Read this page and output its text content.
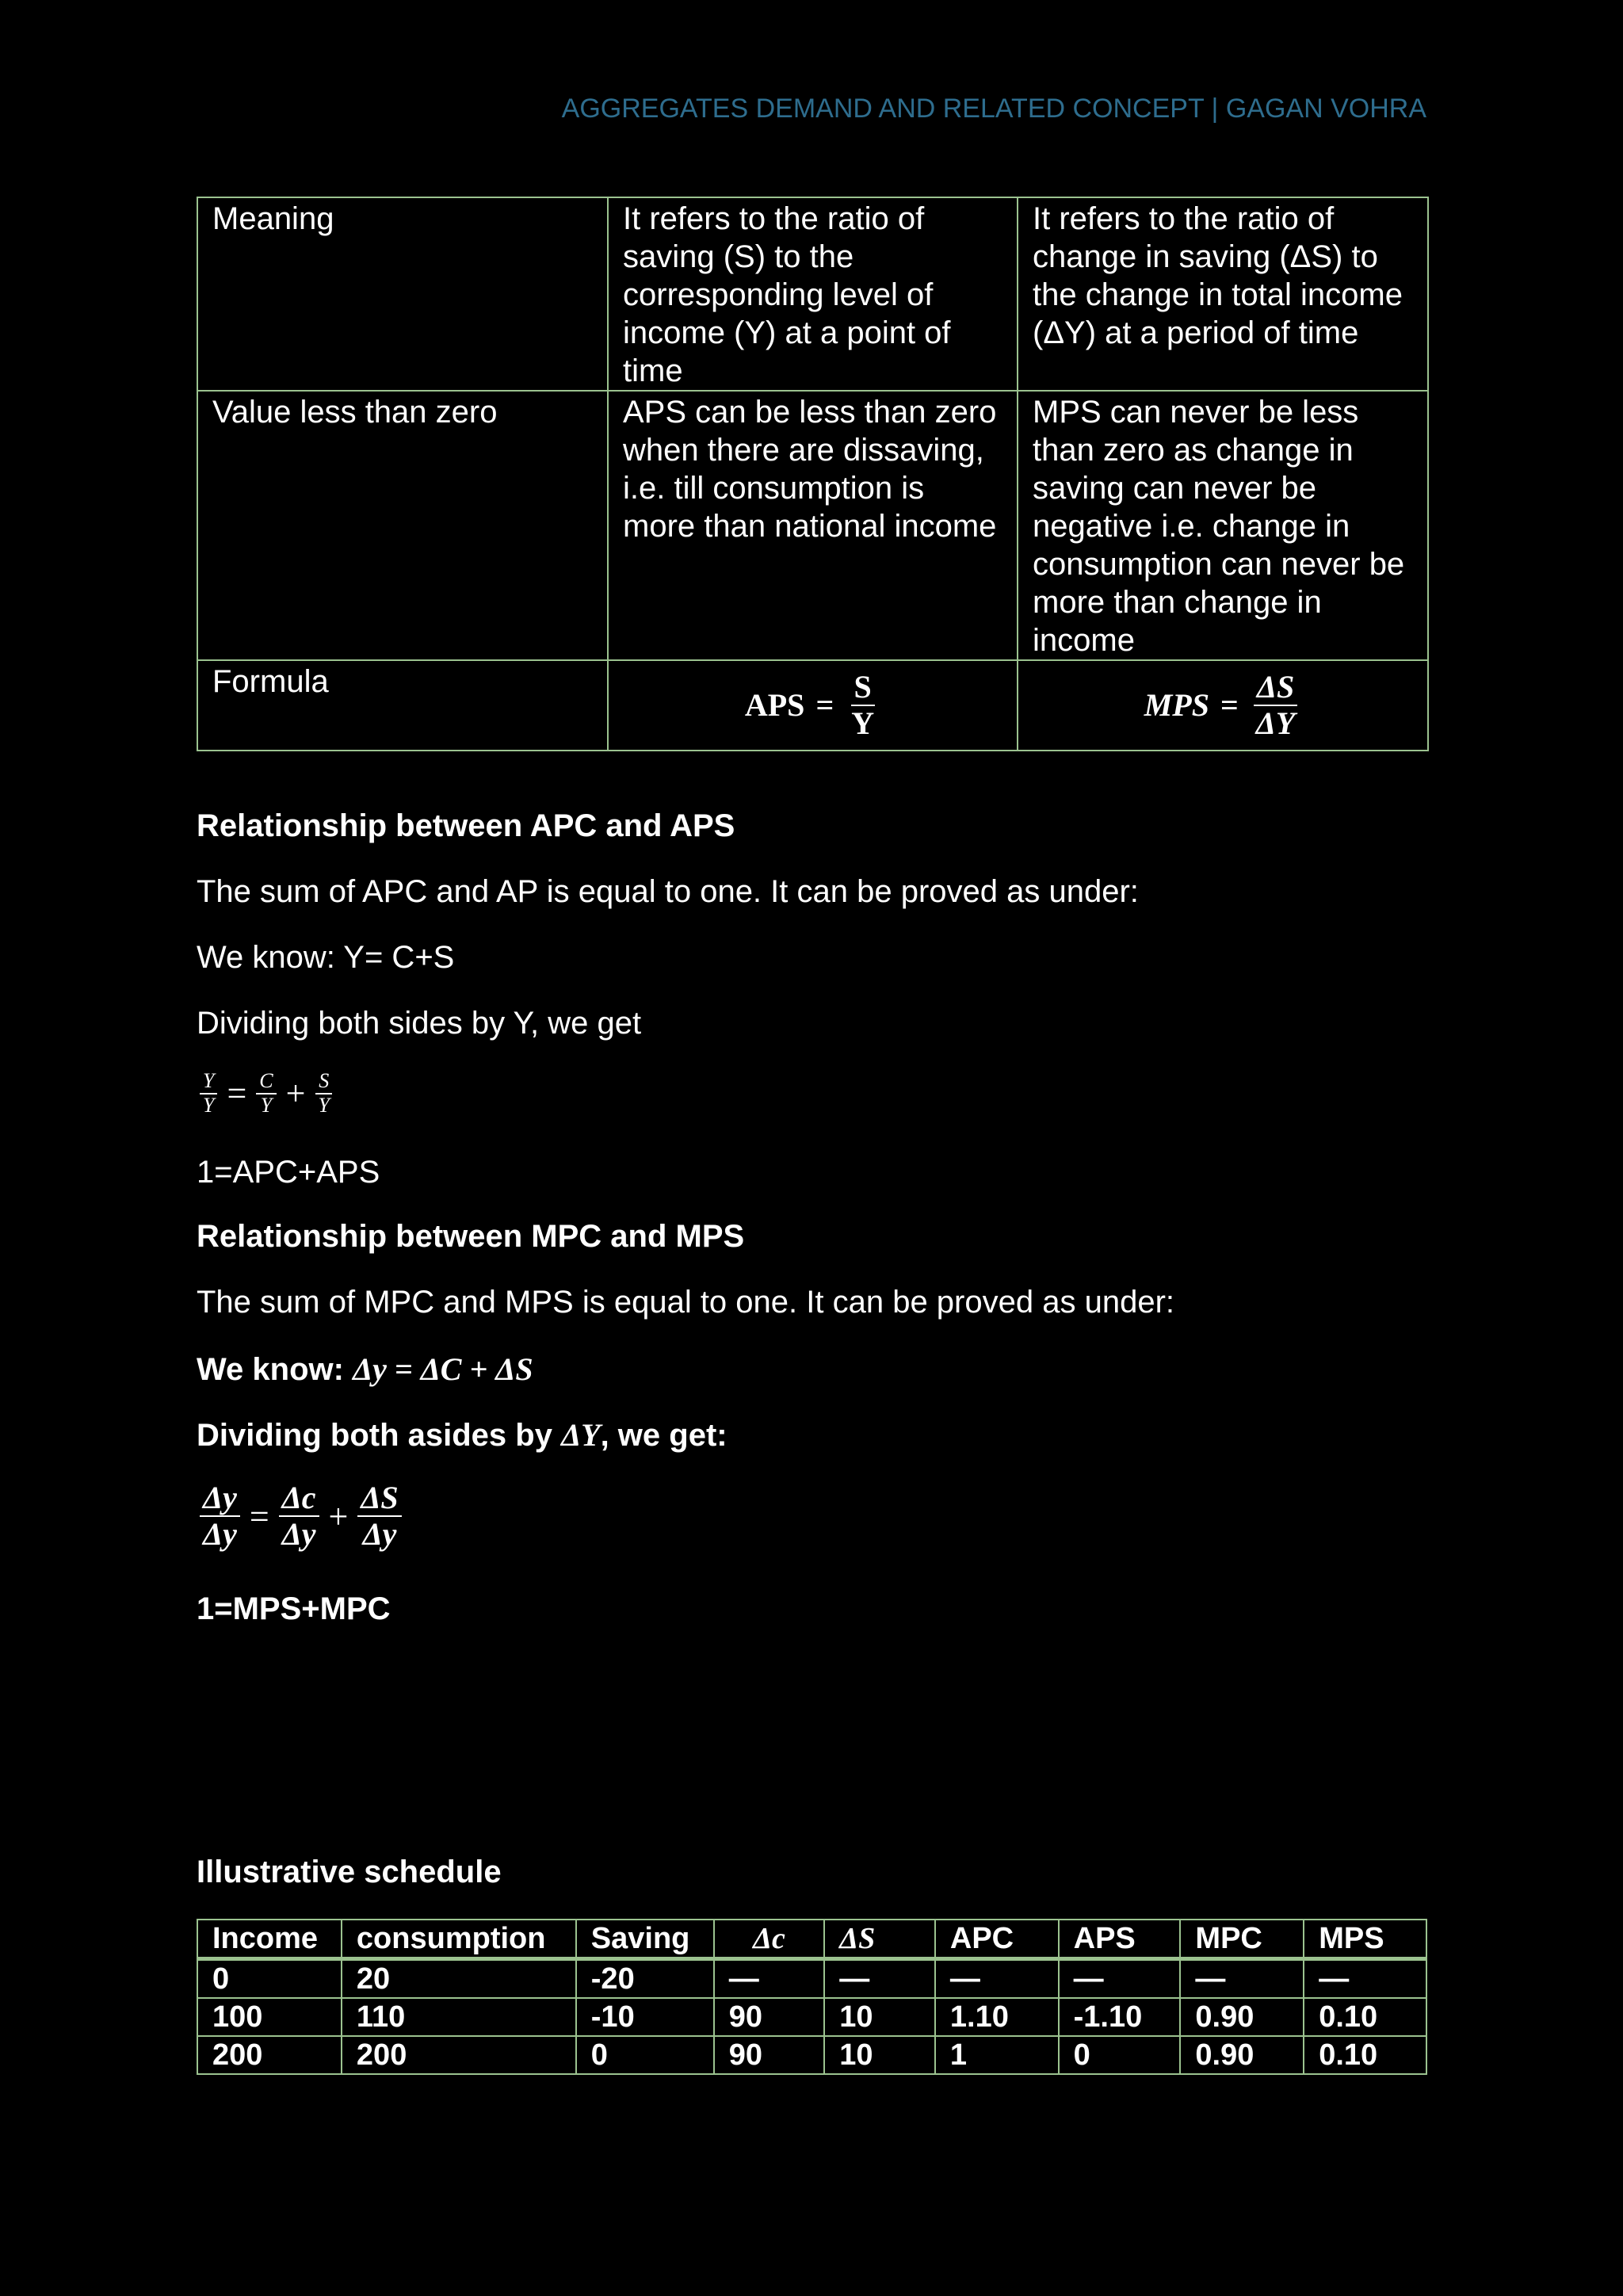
AGGREGATES DEMAND AND RELATED CONCEPT | GAGAN VOHRA
Meaning	It refers to the ratio of saving (S) to the corresponding level of income (Y) at a point of time	It refers to the ratio of change in saving (ΔS) to the change in total income (ΔY) at a period of time
Value less than zero	APS can be less than zero when there are dissaving, i.e. till consumption is more than national income	MPS can never be less than zero as change in saving can never be negative i.e. change in consumption can never be more than change in income
Formula	APS = $\frac{S}{Y}$	MPS = $\frac{\Delta S}{\Delta Y}$
Relationship between APC and APS
The sum of APC and AP is equal to one. It can be proved as under:
We know: Y= C+S
Dividing both sides by Y, we get
$\frac{Y}{Y} = \frac{C}{Y} + \frac{S}{Y}$
1=APC+APS
Relationship between MPC and MPS
The sum of MPC and MPS is equal to one. It can be proved as under:
We know: Δy = ΔC + ΔS
Dividing both asides by ΔY, we get:
$\frac{\Delta y}{\Delta y} = \frac{\Delta c}{\Delta y} + \frac{\Delta S}{\Delta y}$
1=MPS+MPC
Illustrative schedule
Income	consumption	Saving	Δc	ΔS	APC	APS	MPC	MPS
0	20	-20	—	—	—	—	—	—
100	110	-10	90	10	1.10	-1.10	0.90	0.10
200	200	0	90	10	1	0	0.90	0.10
